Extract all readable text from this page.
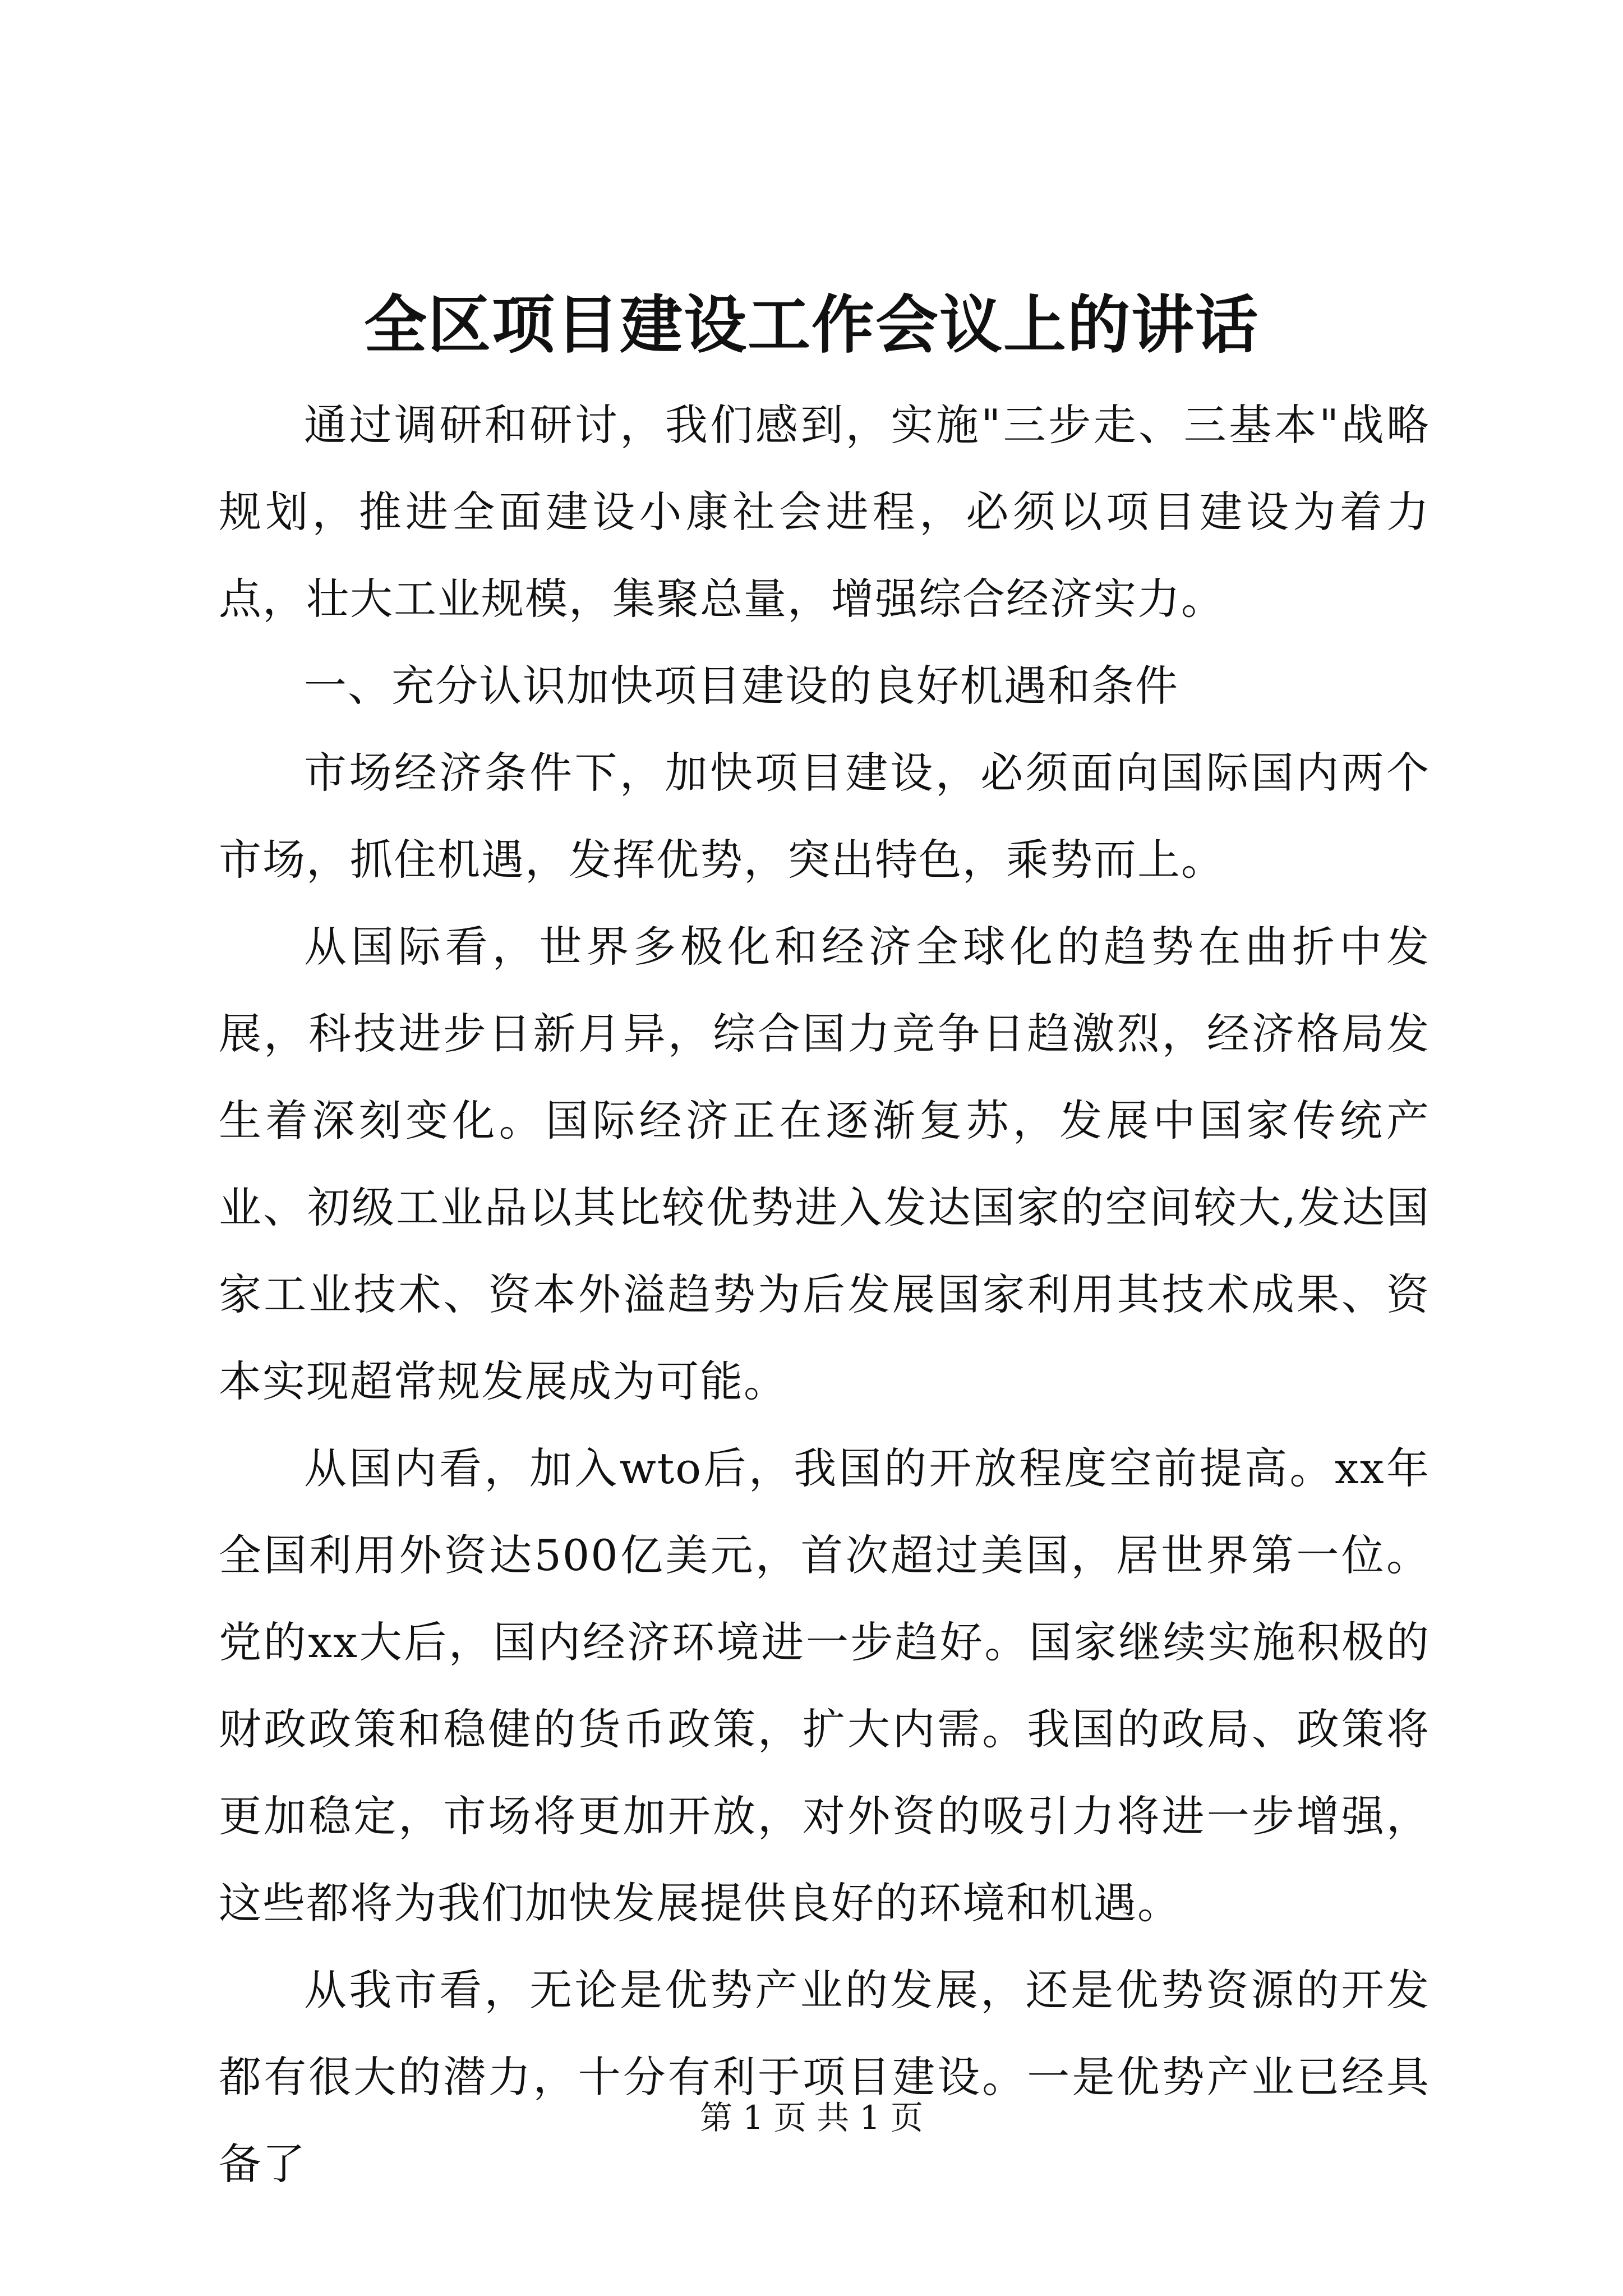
全区项目建设工作会议上的讲话

通过调研和研讨，我们感到，实施"三步走、三基本"战略规划，推进全面建设小康社会进程，必须以项目建设为着力点，壮大工业规模，集聚总量，增强综合经济实力。

一、充分认识加快项目建设的良好机遇和条件

市场经济条件下，加快项目建设，必须面向国际国内两个市场，抓住机遇，发挥优势，突出特色，乘势而上。

从国际看，世界多极化和经济全球化的趋势在曲折中发展，科技进步日新月异，综合国力竞争日趋激烈，经济格局发生着深刻变化。国际经济正在逐渐复苏，发展中国家传统产业、初级工业品以其比较优势进入发达国家的空间较大,发达国家工业技术、资本外溢趋势为后发展国家利用其技术成果、资本实现超常规发展成为可能。

从国内看，加入wto后，我国的开放程度空前提高。xx年全国利用外资达500亿美元，首次超过美国，居世界第一位。党的xx大后，国内经济环境进一步趋好。国家继续实施积极的财政政策和稳健的货币政策，扩大内需。我国的政局、政策将更加稳定，市场将更加开放，对外资的吸引力将进一步增强，这些都将为我们加快发展提供良好的环境和机遇。

从我市看，无论是优势产业的发展，还是优势资源的开发都有很大的潜力，十分有利于项目建设。一是优势产业已经具备了

第 1 页 共 1 页
